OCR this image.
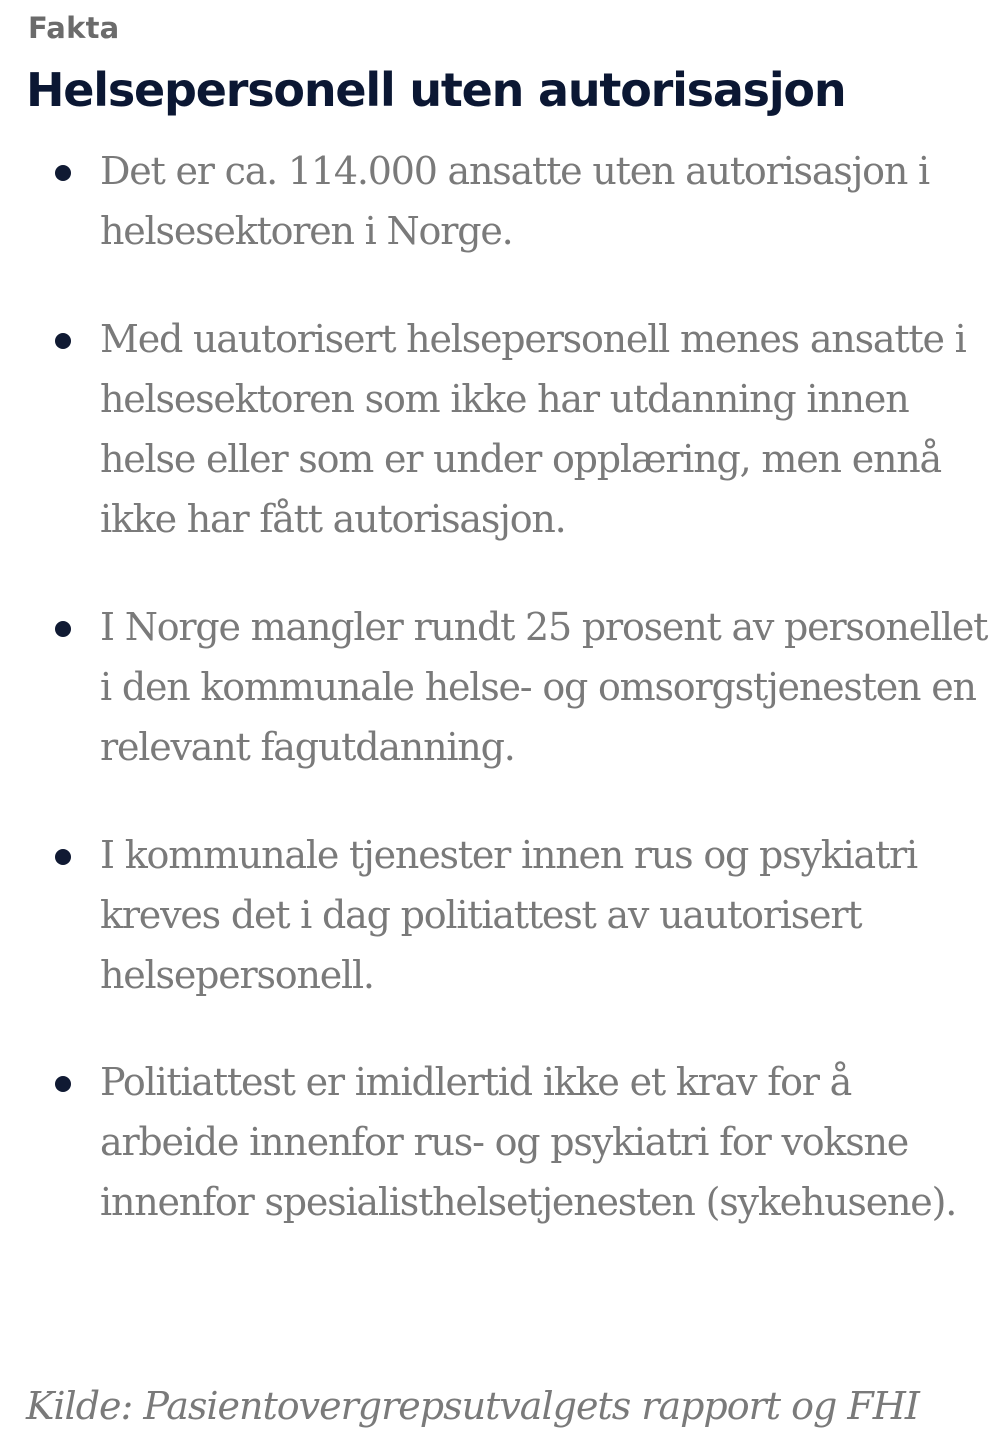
Fakta
Helsepersonell uten autorisasjon

Det er ca. 114.000 ansatte uten autorisasjon i helsesektoren i Norge.

Med uautorisert helsepersonell menes ansatte i helsesektoren som ikke har utdanning innen helse eller som er under opplæring, men ennå ikke har fått autorisasjon.

I Norge mangler rundt 25 prosent av personellet i den kommunale helse- og omsorgstjenesten en relevant fagutdanning.

I kommunale tjenester innen rus og psykiatri kreves det i dag politiattest av uautorisert helsepersonell.

Politiattest er imidlertid ikke et krav for å arbeide innenfor rus- og psykiatri for voksne innenfor spesialisthelsetjenesten (sykehusene).

Kilde: Pasientovergrepsutvalgets rapport og FHI
